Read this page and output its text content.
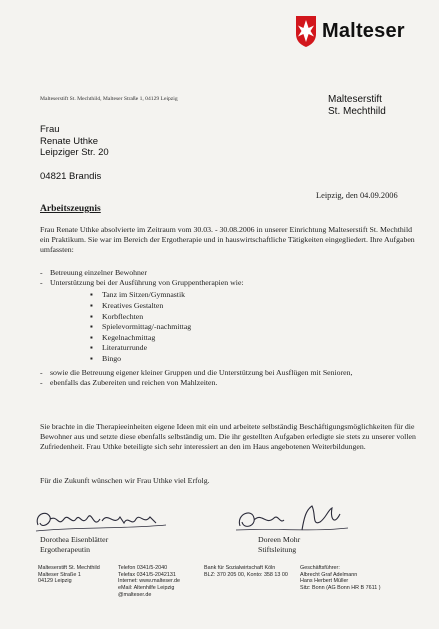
Malteser
Malteserstift St. Mechthild, Malteser Straße 1, 04129 Leipzig	Malteserstift
St. Mechthild
Frau
Renate Uthke
Leipziger Str. 20
04821 Brandis
Leipzig, den 04.09.2006
Arbeitszeugnis
Frau Renate Uthke absolvierte im Zeitraum vom 30.03. - 30.08.2006 in unserer Einrichtung Malteserstift St. Mechthild ein Praktikum. Sie war im Bereich der Ergotherapie und in hauswirtschaftliche Tätigkeiten eingegliedert. Ihre Aufgaben umfassten:
- Betreuung einzelner Bewohner
- Unterstützung bei der Ausführung von Gruppentherapien wie:
▪ Tanz im Sitzen/Gymnastik
▪ Kreatives Gestalten
▪ Korbflechten
▪ Spielevormittag/-nachmittag
▪ Kegelnachmittag
▪ Literaturrunde
▪ Bingo
- sowie die Betreuung eigener kleiner Gruppen und die Unterstützung bei Ausflügen mit Senioren,
- ebenfalls das Zubereiten und reichen von Mahlzeiten.
Sie brachte in die Therapieeinheiten eigene Ideen mit ein und arbeitete selbständig Beschäftigungsmöglichkeiten für die Bewohner aus und setzte diese ebenfalls selbständig um. Die ihr gestellten Aufgaben erledigte sie stets zu unserer vollen Zufriedenheit. Frau Uthke beteiligte sich sehr interessiert an den im Haus angebotenen Weiterbildungen.
Für die Zukunft wünschen wir Frau Uthke viel Erfolg.
Dorothea Eisenblätter
Ergotherapeutin
Doreen Mohr
Stiftsleitung
Malteserstift St. Mechthild
Malteser Straße 1
04129 Leipzig
Telefon 0341/5-2040
Telefax 0341/5-2042131
Internet: www.malteser.de
eMail: Altenhilfe Leipzig
@malteser.de
Bank für Sozialwirtschaft Köln
BLZ: 370 205 00, Konto: 358 13 00
Geschäftsführer:
Albrecht Graf Adelmann
Hans Herbert Müller
Sitz: Bonn (AG Bonn HR B 7611 )
